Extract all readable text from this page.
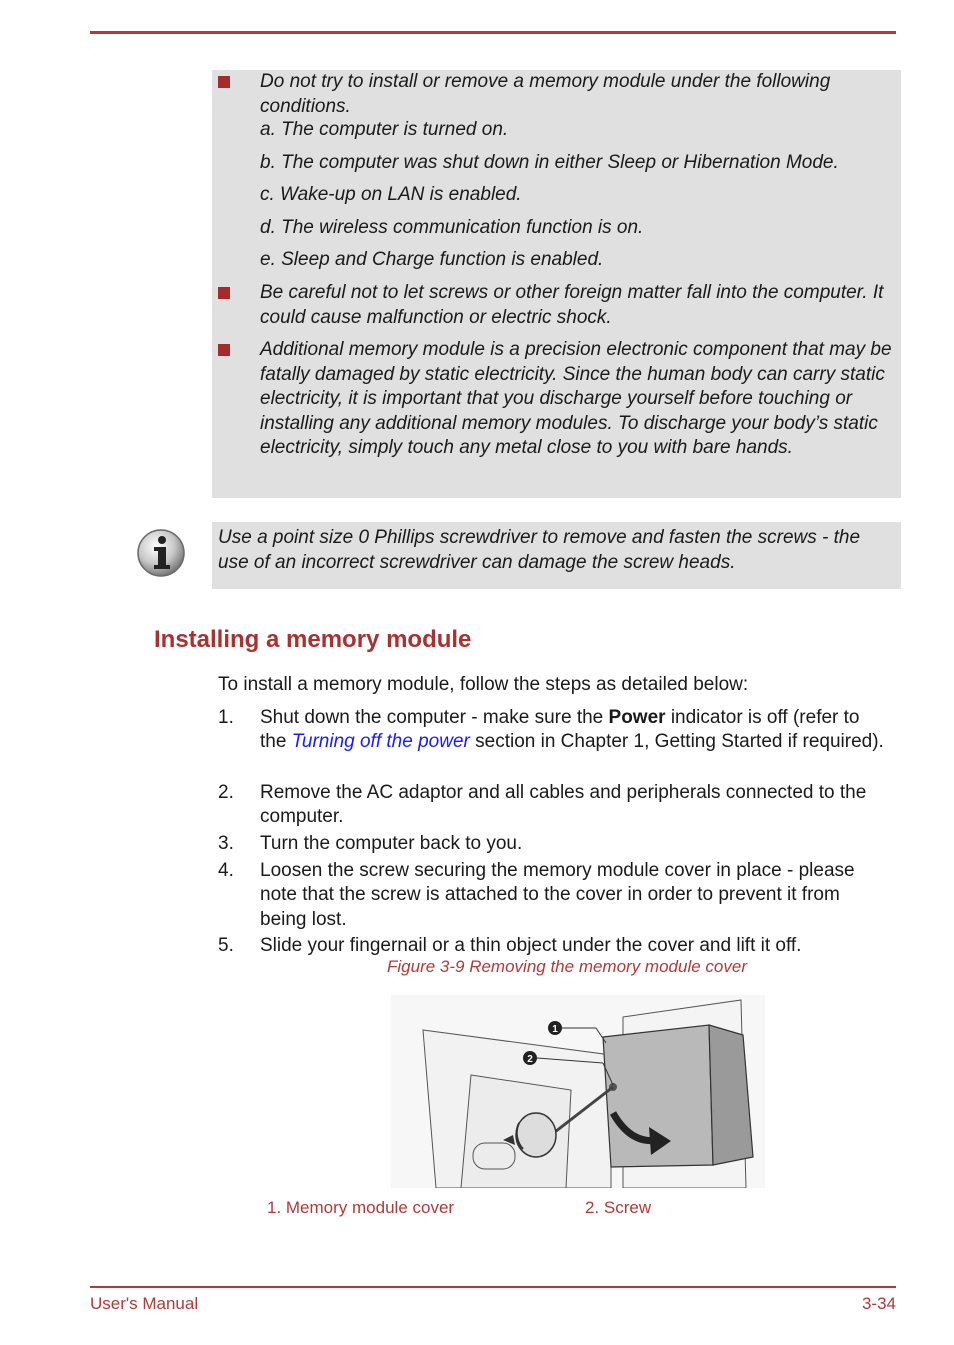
Do not try to install or remove a memory module under the following conditions.
a. The computer is turned on.
b. The computer was shut down in either Sleep or Hibernation Mode.
c. Wake-up on LAN is enabled.
d. The wireless communication function is on.
e. Sleep and Charge function is enabled.
Be careful not to let screws or other foreign matter fall into the computer. It could cause malfunction or electric shock.
Additional memory module is a precision electronic component that may be fatally damaged by static electricity. Since the human body can carry static electricity, it is important that you discharge yourself before touching or installing any additional memory modules. To discharge your body’s static electricity, simply touch any metal close to you with bare hands.
Use a point size 0 Phillips screwdriver to remove and fasten the screws - the use of an incorrect screwdriver can damage the screw heads.
Installing a memory module
To install a memory module, follow the steps as detailed below:
1. Shut down the computer - make sure the Power indicator is off (refer to the Turning off the power section in Chapter 1, Getting Started if required).
2. Remove the AC adaptor and all cables and peripherals connected to the computer.
3. Turn the computer back to you.
4. Loosen the screw securing the memory module cover in place - please note that the screw is attached to the cover in order to prevent it from being lost.
5. Slide your fingernail or a thin object under the cover and lift it off.
Figure 3-9 Removing the memory module cover
1
2
1. Memory module cover	2. Screw
User's Manual	3-34
